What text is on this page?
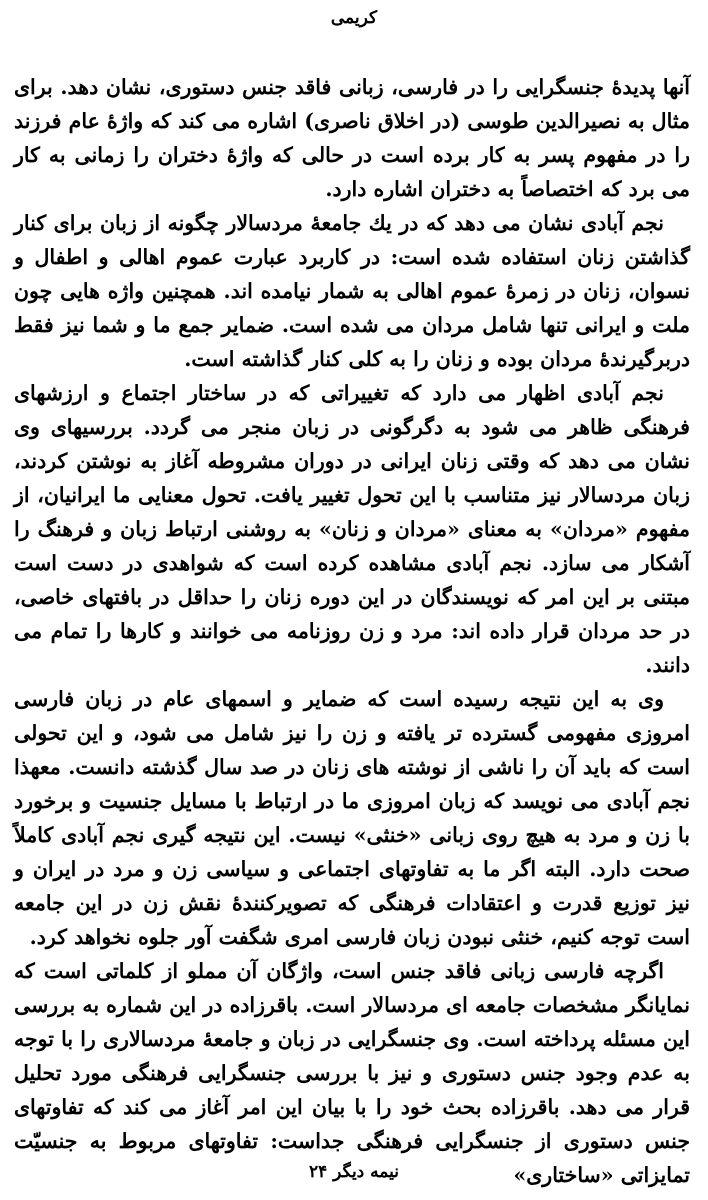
کریمی

آنها پدیدۀ جنسگرایی را در فارسی، زبانی فاقد جنس دستوری، نشان دهد. برای مثال به نصیرالدین طوسی (در اخلاق ناصری) اشاره می کند که واژۀ عام فرزند را در مفهوم پسر به کار برده است در حالی که واژۀ دختران را زمانی به کار می برد که اختصاصاً به دختران اشاره دارد.

نجم آبادی نشان می دهد که در یك جامعۀ مردسالار چگونه از زبان برای کنار گذاشتن زنان استفاده شده است: در کاربرد عبارت عموم اهالی و اطفال و نسوان، زنان در زمرۀ عموم اهالی به شمار نیامده اند. همچنین واژه هایی چون ملت و ایرانی تنها شامل مردان می شده است. ضمایر جمع ما و شما نیز فقط دربرگیرندۀ مردان بوده و زنان را به کلی کنار گذاشته است.

نجم آبادی اظهار می دارد که تغییراتی که در ساختار اجتماع و ارزشهای فرهنگی ظاهر می شود به دگرگونی در زبان منجر می گردد. بررسیهای وی نشان می دهد که وقتی زنان ایرانی در دوران مشروطه آغاز به نوشتن کردند، زبان مردسالار نیز متناسب با این تحول تغییر یافت. تحول معنایی ما ایرانیان، از مفهوم «مردان» به معنای «مردان و زنان» به روشنی ارتباط زبان و فرهنگ را آشکار می سازد. نجم آبادی مشاهده کرده است که شواهدی در دست است مبتنی بر این امر که نویسندگان در این دوره زنان را حداقل در بافتهای خاصی، در حد مردان قرار داده اند: مرد و زن روزنامه می خوانند و کارها را تمام می دانند.

وی به این نتیجه رسیده است که ضمایر و اسمهای عام در زبان فارسی امروزی مفهومی گسترده تر یافته و زن را نیز شامل می شود، و این تحولی است که باید آن را ناشی از نوشته های زنان در صد سال گذشته دانست. معهذا نجم آبادی می نویسد که زبان امروزی ما در ارتباط با مسایل جنسیت و برخورد با زن و مرد به هیچ روی زبانی «خنثی» نیست. این نتیجه گیری نجم آبادی کاملاً صحت دارد. البته اگر ما به تفاوتهای اجتماعی و سیاسی زن و مرد در ایران و نیز توزیع قدرت و اعتقادات فرهنگی که تصویرکنندۀ نقش زن در این جامعه است توجه کنیم، خنثی نبودن زبان فارسی امری شگفت آور جلوه نخواهد کرد.

اگرچه فارسی زبانی فاقد جنس است، واژگان آن مملو از کلماتی است که نمایانگر مشخصات جامعه ای مردسالار است. باقرزاده در این شماره به بررسی این مسئله پرداخته است. وی جنسگرایی در زبان و جامعۀ مردسالاری را با توجه به عدم وجود جنس دستوری و نیز با بررسی جنسگرایی فرهنگی مورد تحلیل قرار می دهد. باقرزاده بحث خود را با بیان این امر آغاز می کند که تفاوتهای جنس دستوری از جنسگرایی فرهنگی جداست: تفاوتهای مربوط به جنسیّت تمایزاتی «ساختاری»

نیمه دیگر ۲۴
